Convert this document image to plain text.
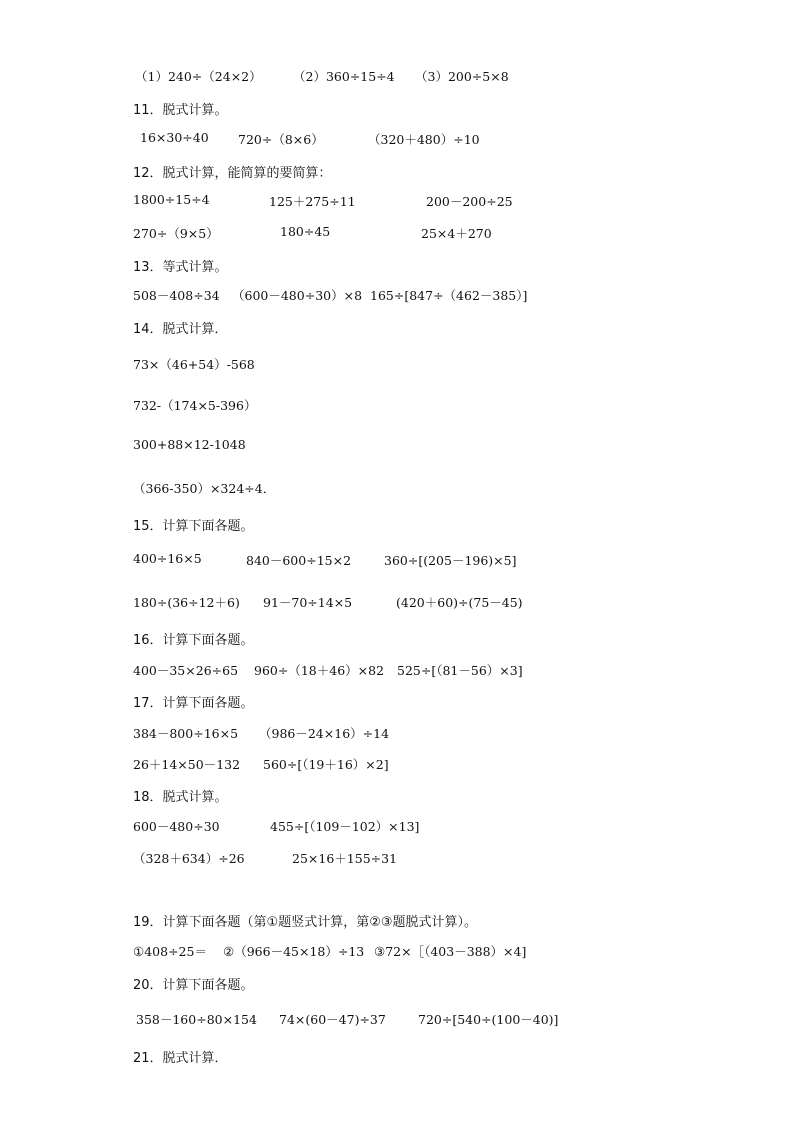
（1）240÷（24×2）	（2）360÷15÷4 （3）200÷5×8
11．脱式计算。
16×30÷40 720÷（8×6）	（320＋480）÷10
12．脱式计算，能简算的要简算：
1800÷15÷4	125＋275÷11	200－200÷25
270÷（9×5）	180÷45	25×4＋270
13．等式计算。
508－408÷34 （600－480÷30）×8 165÷[847÷（462－385）]
14．脱式计算．
73×（46+54）-568
732-（174×5-396）
300+88×12-1048
（366-350）×324÷4．
15．计算下面各题。
400÷16×5	840－600÷15×2	360÷[(205－196)×5]
180÷(36÷12＋6) 91－70÷14×5	(420＋60)÷(75－45)
16．计算下面各题。
400－35×26÷65 960÷（18＋46）×82 525÷[（81－56）×3]
17．计算下面各题。
384－800÷16×5 （986－24×16）÷14
26＋14×50－132 560÷[（19＋16）×2]
18．脱式计算。
600－480÷30	455÷[（109－102）×13]
（328＋634）÷26	25×16＋155÷31
19．计算下面各题（第①题竖式计算，第②③题脱式计算）。
①408÷25＝ ②（966－45×18）÷13 ③72×［（403－388）×4]
20．计算下面各题。
358－160÷80×154 74×(60－47)÷37	720÷[540÷(100－40)]
21．脱式计算．
